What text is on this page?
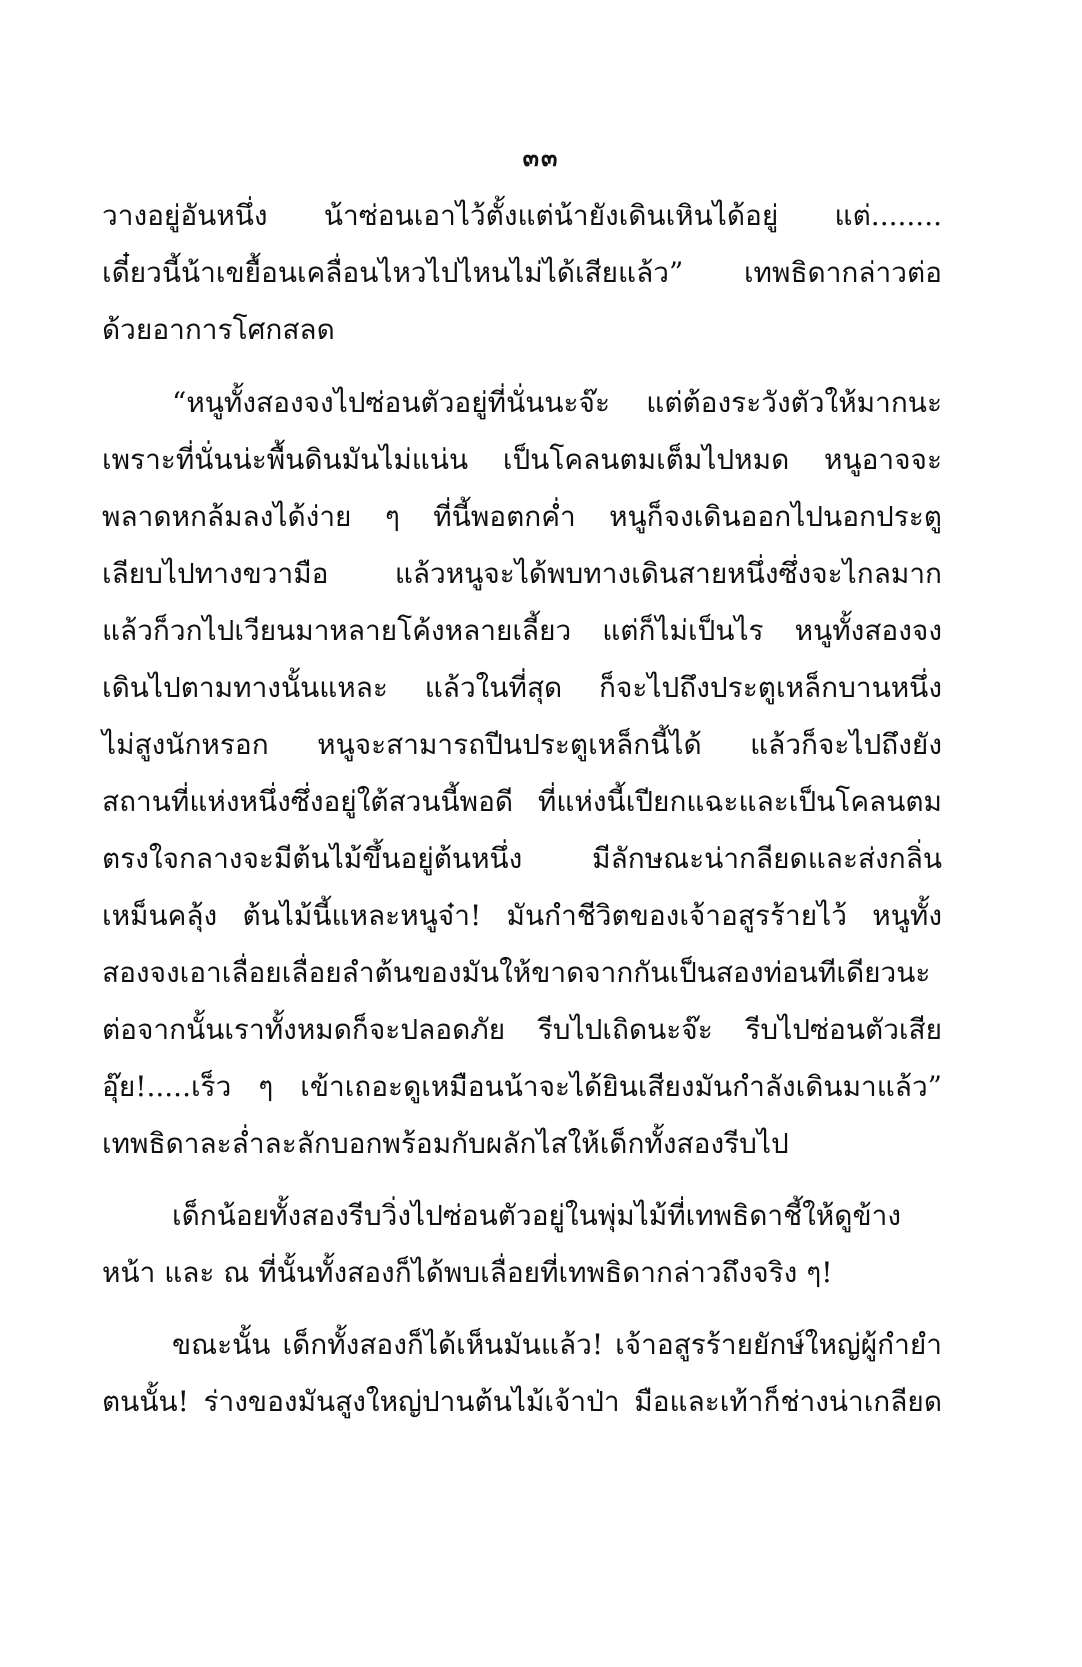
๓๓
วางอยู่อันหนึ่ง น้าซ่อนเอาไว้ตั้งแต่น้ายังเดินเหินได้อยู่ แต่........
เดี๋ยวนี้น้าเขยื้อนเคลื่อนไหวไปไหนไม่ได้เสียแล้ว” เทพธิดากล่าวต่อ
ด้วยอาการโศกสลด
“หนูทั้งสองจงไปซ่อนตัวอยู่ที่นั่นนะจ๊ะ แต่ต้องระวังตัวให้มากนะ
เพราะที่นั่นน่ะพื้นดินมันไม่แน่น เป็นโคลนตมเต็มไปหมด หนูอาจจะ
พลาดหกล้มลงได้ง่าย ๆ ที่นี้พอตกค่ำ หนูก็จงเดินออกไปนอกประตู
เลียบไปทางขวามือ แล้วหนูจะได้พบทางเดินสายหนึ่งซึ่งจะไกลมาก
แล้วก็วกไปเวียนมาหลายโค้งหลายเลี้ยว แต่ก็ไม่เป็นไร หนูทั้งสองจง
เดินไปตามทางนั้นแหละ แล้วในที่สุด ก็จะไปถึงประตูเหล็กบานหนึ่ง
ไม่สูงนักหรอก หนูจะสามารถปีนประตูเหล็กนี้ได้ แล้วก็จะไปถึงยัง
สถานที่แห่งหนึ่งซึ่งอยู่ใต้สวนนี้พอดี ที่แห่งนี้เปียกแฉะและเป็นโคลนตม
ตรงใจกลางจะมีต้นไม้ขึ้นอยู่ต้นหนึ่ง มีลักษณะน่ากลียดและส่งกลิ่น
เหม็นคลุ้ง ต้นไม้นี้แหละหนูจ๋า! มันกำชีวิตของเจ้าอสูรร้ายไว้ หนูทั้ง
สองจงเอาเลื่อยเลื่อยลำต้นของมันให้ขาดจากกันเป็นสองท่อนทีเดียวนะ
ต่อจากนั้นเราทั้งหมดก็จะปลอดภัย รีบไปเถิดนะจ๊ะ รีบไปซ่อนตัวเสีย
อุ๊ย!.....เร็ว ๆ เข้าเถอะดูเหมือนน้าจะได้ยินเสียงมันกำลังเดินมาแล้ว”
เทพธิดาละล่ำละลักบอกพร้อมกับผลักไสให้เด็กทั้งสองรีบไป
เด็กน้อยทั้งสองรีบวิ่งไปซ่อนตัวอยู่ในพุ่มไม้ที่เทพธิดาชี้ให้ดูข้าง
หน้า และ ณ ที่นั้นทั้งสองก็ได้พบเลื่อยที่เทพธิดากล่าวถึงจริง ๆ!
ขณะนั้น เด็กทั้งสองก็ได้เห็นมันแล้ว! เจ้าอสูรร้ายยักษ์ใหญ่ผู้กำยำ
ตนนั้น! ร่างของมันสูงใหญ่ปานต้นไม้เจ้าป่า มือและเท้าก็ช่างน่าเกลียด
